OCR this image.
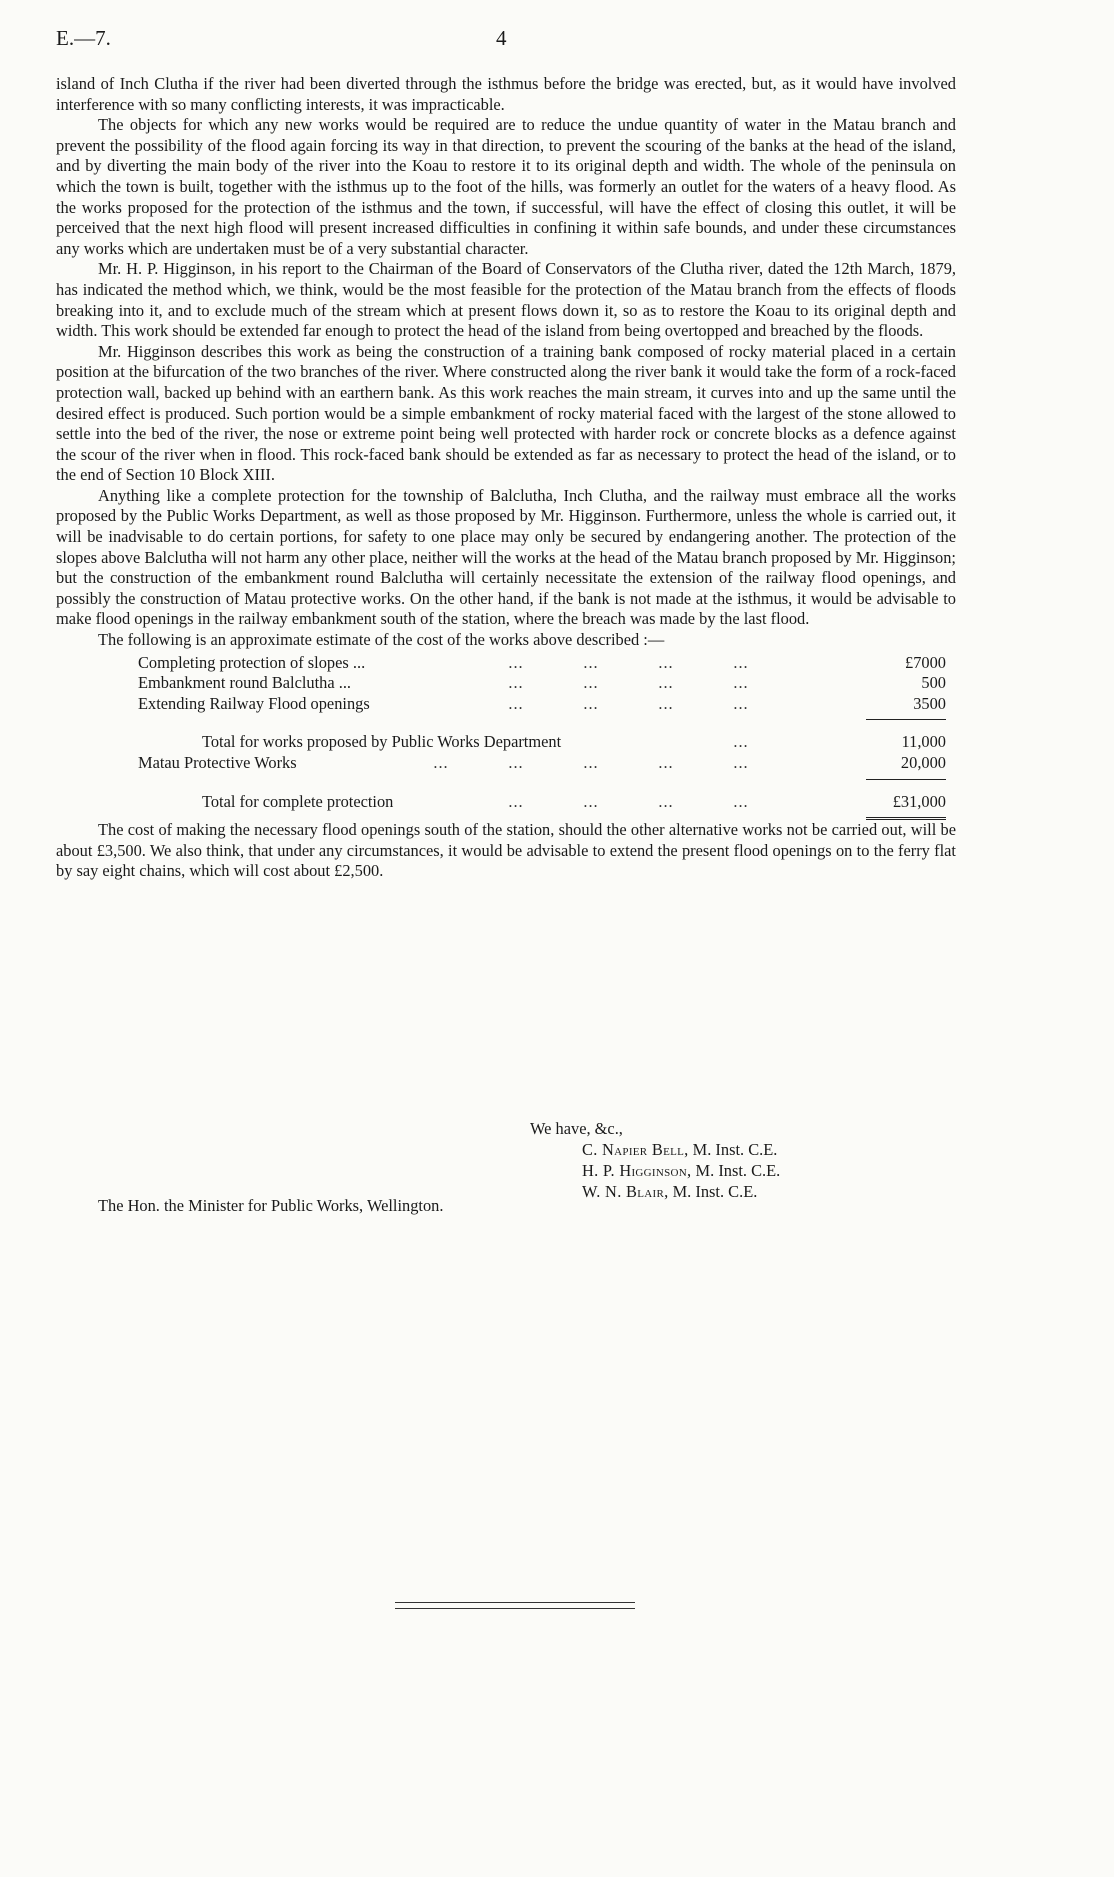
E.—7.	4

island of Inch Clutha if the river had been diverted through the isthmus before the bridge was erected, but, as it would have involved interference with so many conflicting interests, it was impracticable.

The objects for which any new works would be required are to reduce the undue quantity of water in the Matau branch and prevent the possibility of the flood again forcing its way in that direction, to prevent the scouring of the banks at the head of the island, and by diverting the main body of the river into the Koau to restore it to its original depth and width. The whole of the peninsula on which the town is built, together with the isthmus up to the foot of the hills, was formerly an outlet for the waters of a heavy flood. As the works proposed for the protection of the isthmus and the town, if successful, will have the effect of closing this outlet, it will be perceived that the next high flood will present increased difficulties in confining it within safe bounds, and under these circumstances any works which are undertaken must be of a very substantial character.

Mr. H. P. Higginson, in his report to the Chairman of the Board of Conservators of the Clutha river, dated the 12th March, 1879, has indicated the method which, we think, would be the most feasible for the protection of the Matau branch from the effects of floods breaking into it, and to exclude much of the stream which at present flows down it, so as to restore the Koau to its original depth and width. This work should be extended far enough to protect the head of the island from being overtopped and breached by the floods.

Mr. Higginson describes this work as being the construction of a training bank composed of rocky material placed in a certain position at the bifurcation of the two branches of the river. Where constructed along the river bank it would take the form of a rock-faced protection wall, backed up behind with an earthern bank. As this work reaches the main stream, it curves into and up the same until the desired effect is produced. Such portion would be a simple embankment of rocky material faced with the largest of the stone allowed to settle into the bed of the river, the nose or extreme point being well protected with harder rock or concrete blocks as a defence against the scour of the river when in flood. This rock-faced bank should be extended as far as necessary to protect the head of the island, or to the end of Section 10 Block XIII.

Anything like a complete protection for the township of Balclutha, Inch Clutha, and the railway must embrace all the works proposed by the Public Works Department, as well as those proposed by Mr. Higginson. Furthermore, unless the whole is carried out, it will be inadvisable to do certain portions, for safety to one place may only be secured by endangering another. The protection of the slopes above Balclutha will not harm any other place, neither will the works at the head of the Matau branch proposed by Mr. Higginson; but the construction of the embankment round Balclutha will certainly necessitate the extension of the railway flood openings, and possibly the construction of Matau protective works. On the other hand, if the bank is not made at the isthmus, it would be advisable to make flood openings in the railway embankment south of the station, where the breach was made by the last flood.

The following is an approximate estimate of the cost of the works above described :—

Completing protection of slopes ...	...	...	...	...	£7000
Embankment round Balclutha ...	...	...	...	...	500
Extending Railway Flood openings	...	...	...	...	3500
Total for works proposed by Public Works Department	...	11,000
Matau Protective Works	...	...	...	...	...	20,000
Total for complete protection	...	...	...	...	£31,000

The cost of making the necessary flood openings south of the station, should the other alternative works not be carried out, will be about £3,500. We also think, that under any circumstances, it would be advisable to extend the present flood openings on to the ferry flat by say eight chains, which will cost about £2,500.

We have, &c.,
C. Napier Bell, M. Inst. C.E.
H. P. Higginson, M. Inst. C.E.
W. N. Blair, M. Inst. C.E.
The Hon. the Minister for Public Works, Wellington.
